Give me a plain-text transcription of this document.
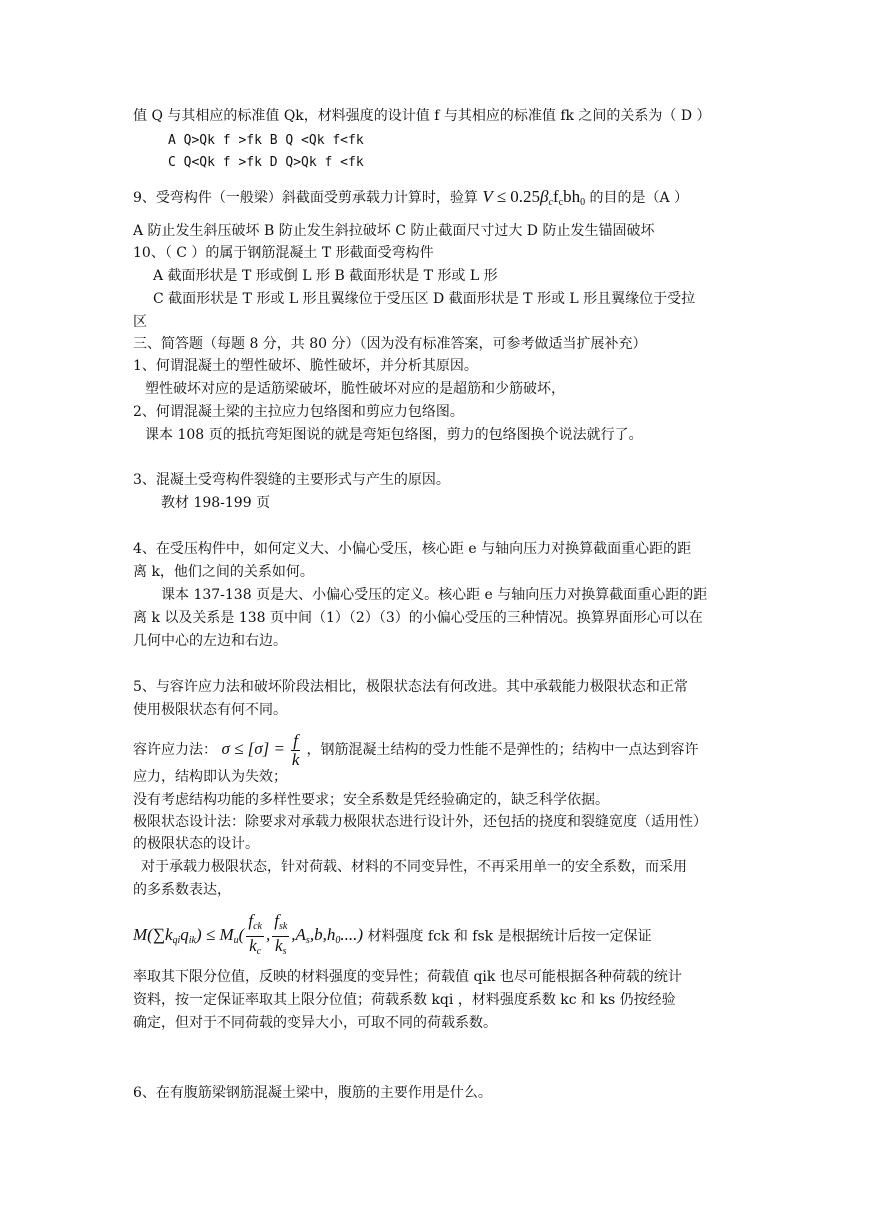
值 Q 与其相应的标准值 Qk，材料强度的设计值 f 与其相应的标准值 fk 之间的关系为（ D ）
A Q>Qk f >fk B Q <Qk f<fk
C Q<Qk f >fk D Q>Qk f <fk
9、受弯构件（一般梁）斜截面受剪承载力计算时，验算 $V \le 0.25\beta_cf_cbh_0$ 的目的是（A ）
A 防止发生斜压破坏 B 防止发生斜拉破坏 C 防止截面尺寸过大 D 防止发生锚固破坏
10、（ C ）的属于钢筋混凝土 T 形截面受弯构件
A 截面形状是 T 形或倒 L 形 B 截面形状是 T 形或 L 形
C 截面形状是 T 形或 L 形且翼缘位于受压区 D 截面形状是 T 形或 L 形且翼缘位于受拉
区
三、简答题（每题 8 分，共 80 分）（因为没有标准答案，可参考做适当扩展补充）
1、何谓混凝土的塑性破坏、脆性破坏，并分析其原因。
塑性破坏对应的是适筋梁破坏，脆性破坏对应的是超筋和少筋破坏，
2、何谓混凝土梁的主拉应力包络图和剪应力包络图。
课本 108 页的抵抗弯矩图说的就是弯矩包络图，剪力的包络图换个说法就行了。
3、混凝土受弯构件裂缝的主要形式与产生的原因。
教材 198-199 页
4、在受压构件中，如何定义大、小偏心受压，核心距 e 与轴向压力对换算截面重心距的距
离 k，他们之间的关系如何。
课本 137-138 页是大、小偏心受压的定义。核心距 e 与轴向压力对换算截面重心距的距
离 k 以及关系是 138 页中间（1）（2）（3）的小偏心受压的三种情况。换算界面形心可以在
几何中心的左边和右边。
5、与容许应力法和破坏阶段法相比，极限状态法有何改进。其中承载能力极限状态和正常
使用极限状态有何不同。
容许应力法： $\sigma \le [\sigma] = \frac{f}{k}$ ，钢筋混凝土结构的受力性能不是弹性的；结构中一点达到容许
应力，结构即认为失效；
没有考虑结构功能的多样性要求；安全系数是凭经验确定的，缺乏科学依据。
极限状态设计法：除要求对承载力极限状态进行设计外，还包括的挠度和裂缝宽度（适用性）
的极限状态的设计。
对于承载力极限状态，针对荷载、材料的不同变异性，不再采用单一的安全系数，而采用
的多系数表达，
$M(\sum k_{qi}q_{ik}) \le M_u( \frac{f_{ck}}{k_c}$ , $\frac{f_{sk}}{k_s} ,A_s,b,h_0$....) 材料强度 fck 和 fsk 是根据统计后按一定保证
率取其下限分位值，反映的材料强度的变异性；荷载值 qik 也尽可能根据各种荷载的统计
资料，按一定保证率取其上限分位值；荷载系数 kqi ，材料强度系数 kc 和 ks 仍按经验
确定，但对于不同荷载的变异大小，可取不同的荷载系数。
6、在有腹筋梁钢筋混凝土梁中，腹筋的主要作用是什么。
